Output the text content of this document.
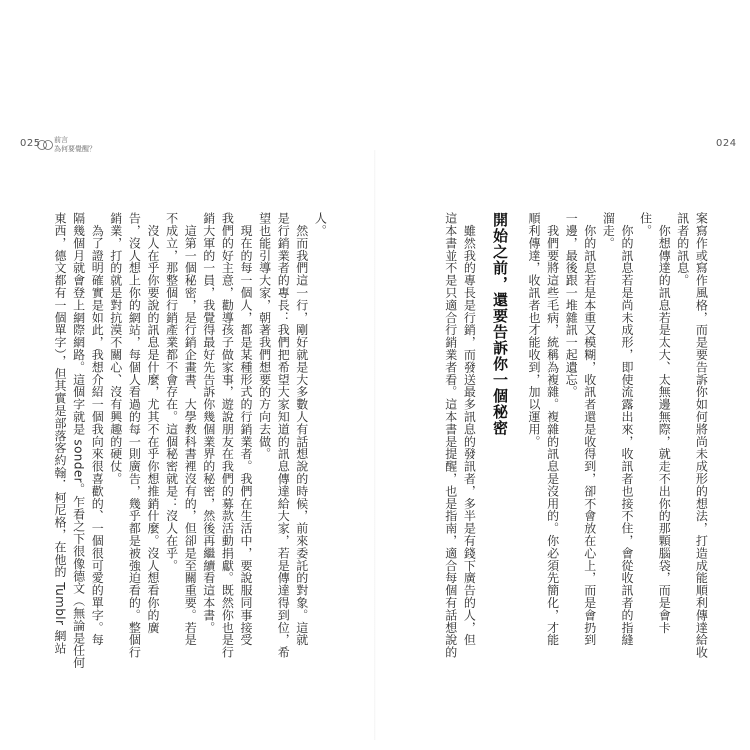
025 前言
為何要覺醒？
人。
　然而我們這一行，剛好就是大多數人有話想說的時候，前來委託的對象。這就
是行銷業者的專長：我們把希望大家知道的訊息傳達給大家，若是傳達得到位，希
望也能引導大家，朝著我們想要的方向去做。
　現在的每一個人，都是某種形式的行銷業者。我們在生活中，要說服同事接受
我們的好主意，勸導孩子做家事，遊說朋友在我們的募款活動捐獻。既然你也是行
銷大軍的一員，我覺得最好先告訴你幾個業界的秘密，然後再繼續看這本書。
　這第一個秘密，是行銷企畫書、大學教科書裡沒有的，但卻是至關重要。若是
不成立，那整個行銷產業都不會存在。這個秘密就是：沒人在乎。
　沒人在乎你要說的訊息是什麼，尤其不在乎你想推銷什麼。沒人想看你的廣
告，沒人想上你的網站，每個人看過的每一則廣告，幾乎都是被強迫看的。整個行
銷業，打的就是對抗漠不關心、沒有興趣的硬仗。
　為了證明確實是如此，我想介紹一個我向來很喜歡的、一個很可愛的單字。每
隔幾個月就會登上網際網路。這個字就是 sonder。乍看之下很像德文（無論是任何
東西，德文都有一個單字），但其實是部落客約翰．柯尼格，在他的 Tumblr 網站
024
案寫作或寫作風格，而是要告訴你如何將尚未成形的想法，打造成能順利傳達給收
訊者的訊息。
　你想傳達的訊息若是太大、太無邊無際，就走不出你的那顆腦袋，而是會卡
住。
　你的訊息若是尚未成形，即使流露出來，收訊者也接不住，會從收訊者的指縫
溜走。
　你的訊息若是本重又模糊，收訊者還是收得到，卻不會放在心上，而是會扔到
一邊，最後跟一堆雜訊一起遺忘。
　我們要將這些毛病，統稱為複雜。複雜的訊息是沒用的。你必須先簡化，才能
順利傳達，收訊者也才能收到，加以運用。
開始之前，還要告訴你一個秘密
　雖然我的專長是行銷，而發送最多訊息的發訊者，多半是有錢下廣告的人，但
這本書並不是只適合行銷業者看。這本書是提醒，也是指南，適合每個有話想說的
